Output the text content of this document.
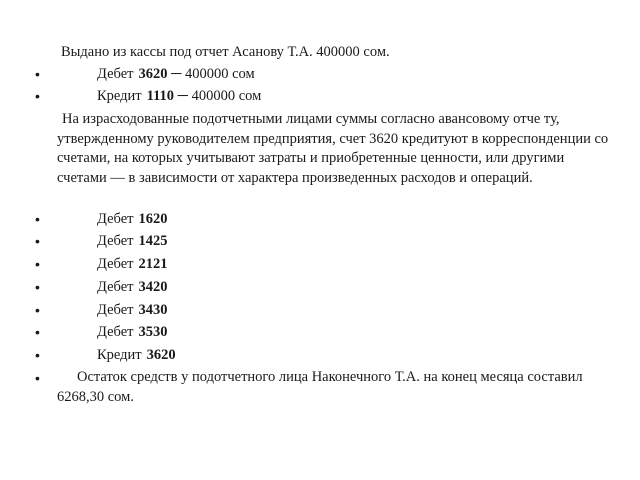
Выдано из кассы под отчет Асанову Т.А. 400000 сом.
•	Дебет 3620 ─ 400000 сом
•	Кредит 1110 ─ 400000 сом
На израсходованные подотчетными лицами суммы согласно авансовому отче ту, утвержденному руководителем предприятия, счет 3620 кредитуют в корреспонденции со счетами, на которых учитывают затраты и приобретенные ценности, или другими счетами — в зависимости от характера произведенных расходов и операций.
•	Дебет 1620
•	Дебет 1425
•	Дебет 2121
•	Дебет 3420
•	Дебет 3430
•	Дебет 3530
•	Кредит 3620
•	Остаток средств у подотчетного лица Наконечного Т.А. на конец месяца составил 6268,30 сом.
